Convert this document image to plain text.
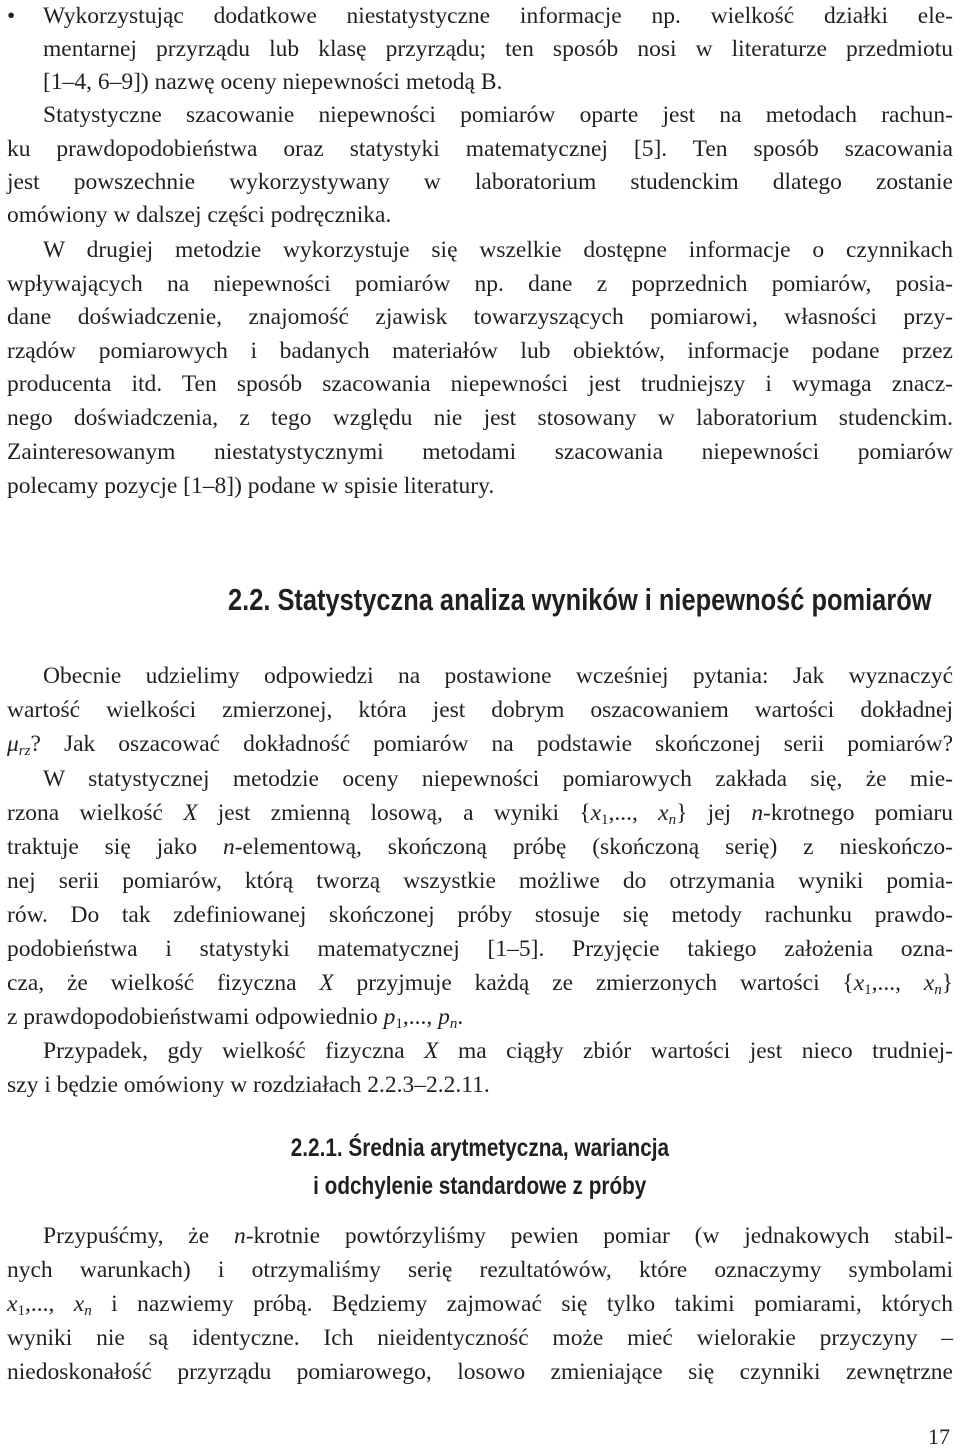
• Wykorzystując dodatkowe niestatystyczne informacje np. wielkość działki ele-
mentarnej przyrządu lub klasę przyrządu; ten sposób nosi w literaturze przedmiotu
[1–4, 6–9]) nazwę oceny niepewności metodą B.
Statystyczne szacowanie niepewności pomiarów oparte jest na metodach rachun-
ku prawdopodobieństwa oraz statystyki matematycznej [5]. Ten sposób szacowania
jest powszechnie wykorzystywany w laboratorium studenckim dlatego zostanie
omówiony w dalszej części podręcznika.
W drugiej metodzie wykorzystuje się wszelkie dostępne informacje o czynnikach
wpływających na niepewności pomiarów np. dane z poprzednich pomiarów, posia-
dane doświadczenie, znajomość zjawisk towarzyszących pomiarowi, własności przy-
rządów pomiarowych i badanych materiałów lub obiektów, informacje podane przez
producenta itd. Ten sposób szacowania niepewności jest trudniejszy i wymaga znacz-
nego doświadczenia, z tego względu nie jest stosowany w laboratorium studenckim.
Zainteresowanym niestatystycznymi metodami szacowania niepewności pomiarów
polecamy pozycje [1–8]) podane w spisie literatury.
2.2. Statystyczna analiza wyników i niepewność pomiarów
Obecnie udzielimy odpowiedzi na postawione wcześniej pytania: Jak wyznaczyć
wartość wielkości zmierzonej, która jest dobrym oszacowaniem wartości dokładnej
$\mu_{rz}$? Jak oszacować dokładność pomiarów na podstawie skończonej serii pomiarów?
W statystycznej metodzie oceny niepewności pomiarowych zakłada się, że mie-
rzona wielkość X jest zmienną losową, a wyniki {$x_1$,..., $x_n$} jej n-krotnego pomiaru
traktuje się jako n-elementową, skończoną próbę (skończoną serię) z nieskończo-
nej serii pomiarów, którą tworzą wszystkie możliwe do otrzymania wyniki pomia-
rów. Do tak zdefiniowanej skończonej próby stosuje się metody rachunku prawdo-
podobieństwa i statystyki matematycznej [1–5]. Przyjęcie takiego założenia ozna-
cza, że wielkość fizyczna X przyjmuje każdą ze zmierzonych wartości {$x_1$,..., $x_n$}
z prawdopodobieństwami odpowiednio $p_1$,..., $p_n$.
Przypadek, gdy wielkość fizyczna X ma ciągły zbiór wartości jest nieco trudniej-
szy i będzie omówiony w rozdziałach 2.2.3–2.2.11.
2.2.1. Średnia arytmetyczna, wariancja
i odchylenie standardowe z próby
Przypuśćmy, że n-krotnie powtórzyliśmy pewien pomiar (w jednakowych stabil-
nych warunkach) i otrzymaliśmy serię rezultatówów, które oznaczymy symbolami
$x_1$,..., $x_n$ i nazwiemy próbą. Będziemy zajmować się tylko takimi pomiarami, których
wyniki nie są identyczne. Ich nieidentyczność może mieć wielorakie przyczyny –
niedoskonałość przyrządu pomiarowego, losowo zmieniające się czynniki zewnętrzne
17
